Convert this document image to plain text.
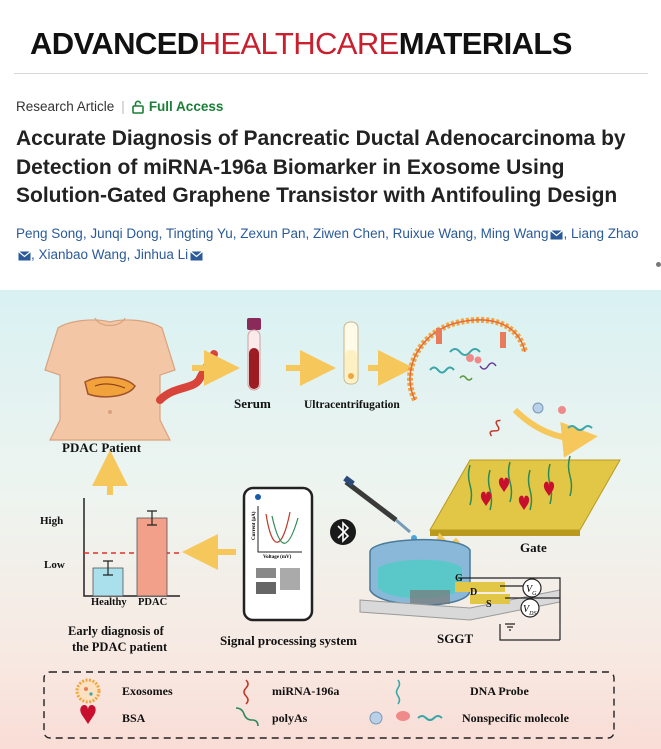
ADVANCEDHEALTHCAREMATERIALS
Research Article | Full Access
Accurate Diagnosis of Pancreatic Ductal Adenocarcinoma by Detection of miRNA-196a Biomarker in Exosome Using Solution-Gated Graphene Transistor with Antifouling Design
Peng Song, Junqi Dong, Tingting Yu, Zexun Pan, Ziwen Chen, Ruixue Wang, Ming Wang , Liang Zhao, Xianbao Wang, Jinhua Li
PDAC Patient
Serum	Ultracentrifugation
Gate
G
D
S
$V_G$
$V_{DS}$
SGGT
Voltage (mV)
Current (μA)
Signal processing system
High
Low
Healthy PDAC
Early diagnosis of
the PDAC patient
Exosomes
BSA
miRNA-196a
polyAs
DNA Probe
Nonspecific molecole
